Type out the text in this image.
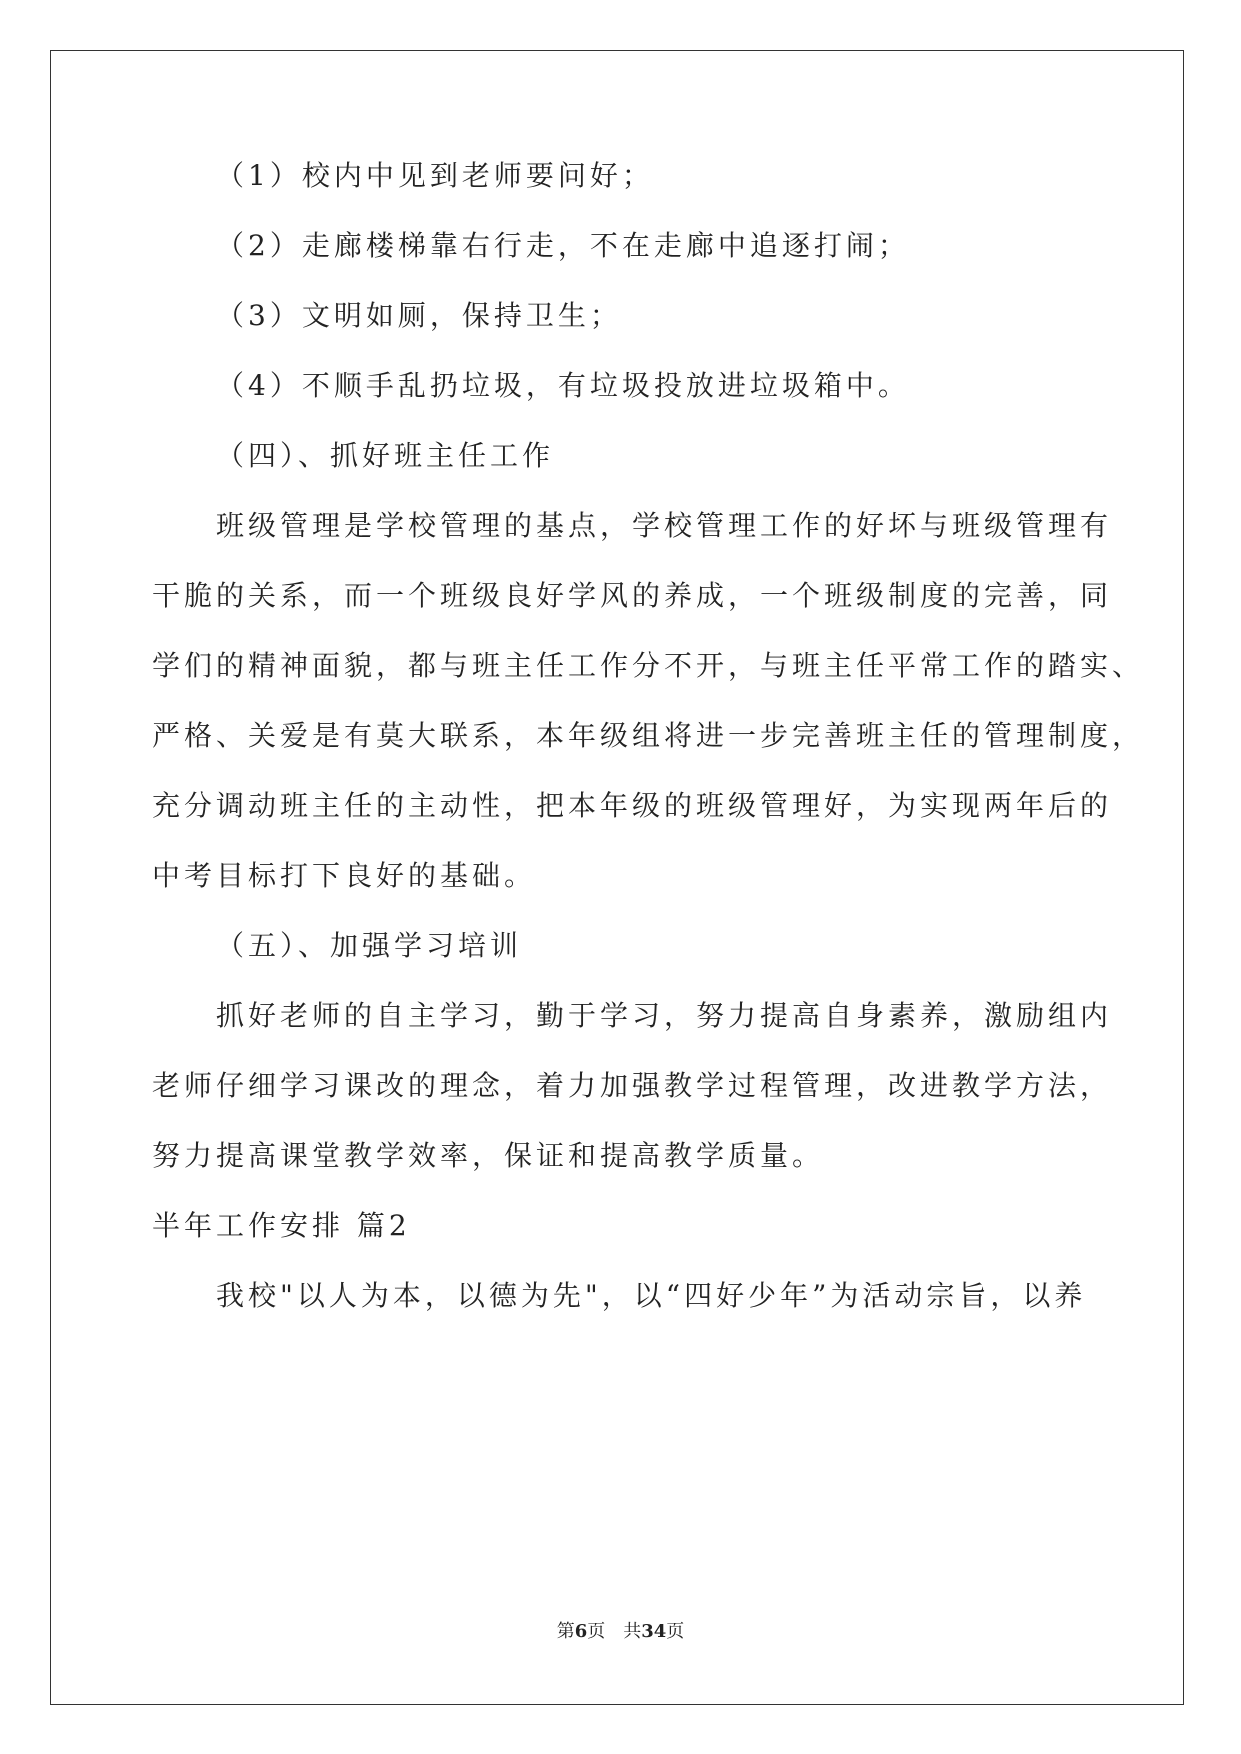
（1）校内中见到老师要问好；
（2）走廊楼梯靠右行走，不在走廊中追逐打闹；
（3）文明如厕，保持卫生；
（4）不顺手乱扔垃圾，有垃圾投放进垃圾箱中。
（四）、抓好班主任工作
班级管理是学校管理的基点，学校管理工作的好坏与班级管理有
干脆的关系，而一个班级良好学风的养成，一个班级制度的完善，同
学们的精神面貌，都与班主任工作分不开，与班主任平常工作的踏实、
严格、关爱是有莫大联系，本年级组将进一步完善班主任的管理制度，
充分调动班主任的主动性，把本年级的班级管理好，为实现两年后的
中考目标打下良好的基础。
（五）、加强学习培训
抓好老师的自主学习，勤于学习，努力提高自身素养，激励组内
老师仔细学习课改的理念，着力加强教学过程管理，改进教学方法，
努力提高课堂教学效率，保证和提高教学质量。
半年工作安排 篇2
我校"以人为本，以德为先"，以“四好少年”为活动宗旨，以养
第6页　共34页
